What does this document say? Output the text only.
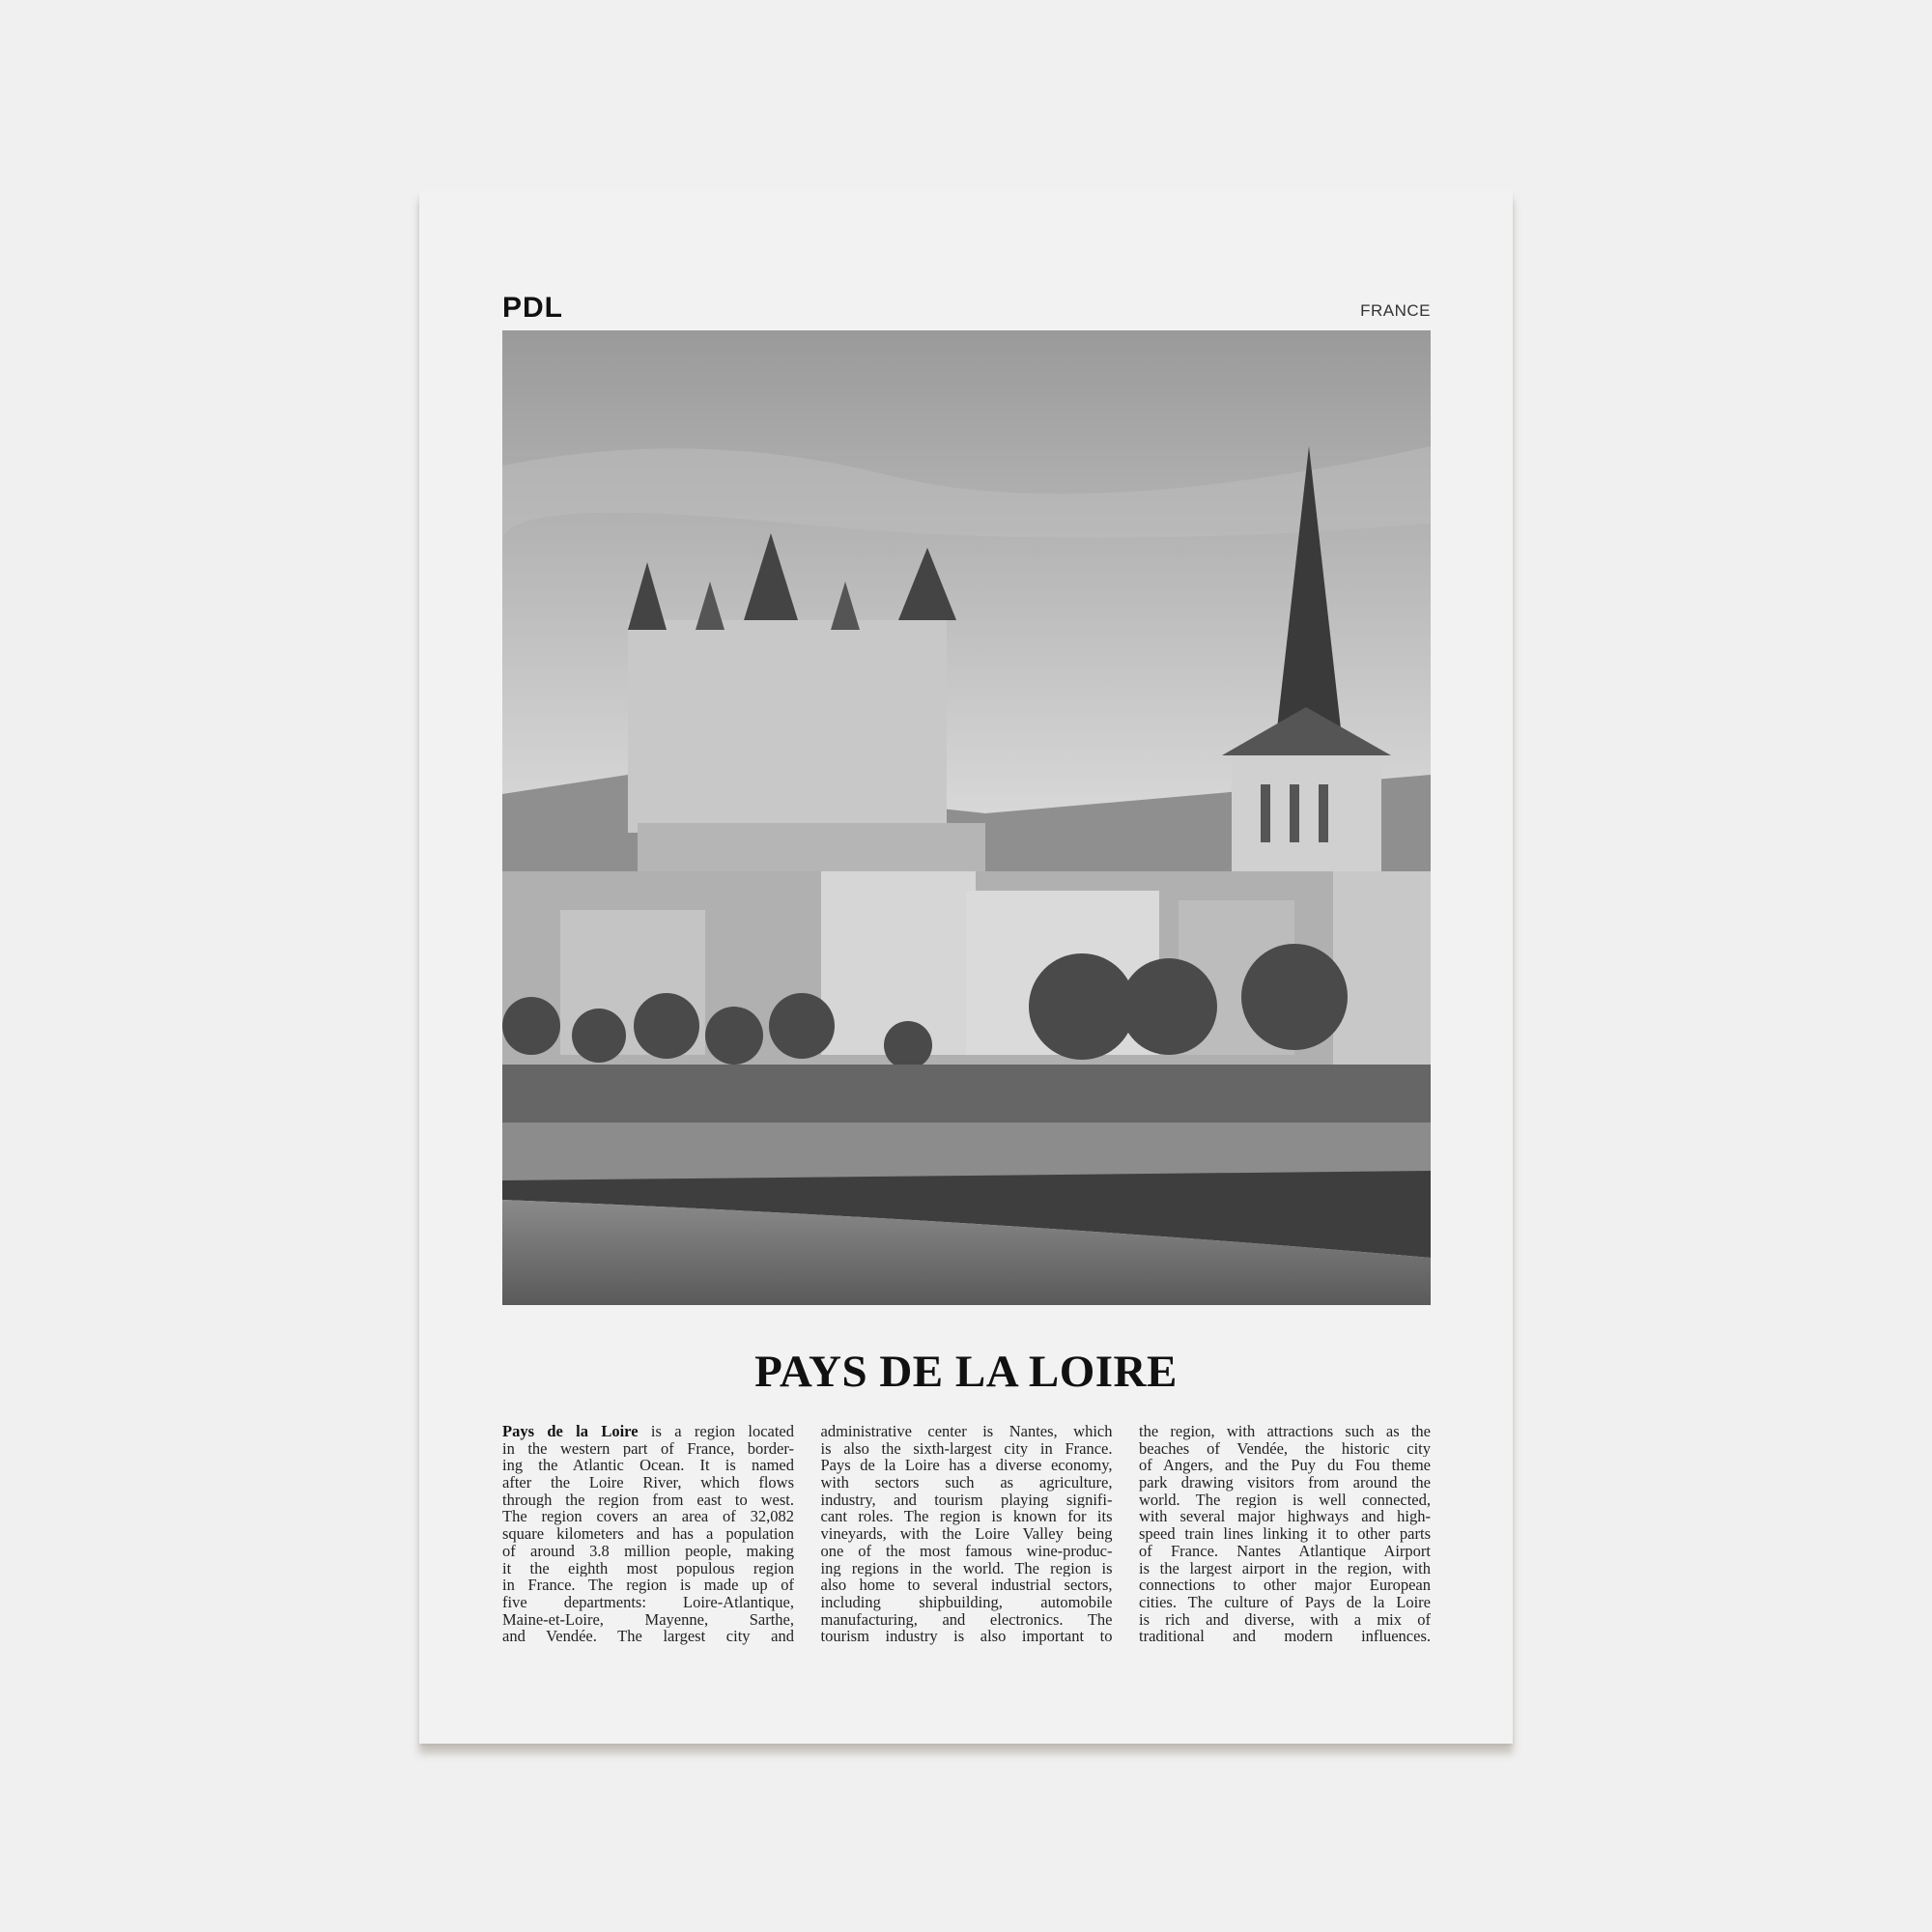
PDL	FRANCE
PAYS DE LA LOIRE
Pays de la Loire is a region located
in the western part of France, border-
ing the Atlantic Ocean. It is named
after the Loire River, which flows
through the region from east to west.
The region covers an area of 32,082
square kilometers and has a population
of around 3.8 million people, making
it the eighth most populous region
in France. The region is made up of
five departments: Loire-Atlantique,
Maine-et-Loire, Mayenne, Sarthe,
and Vendée. The largest city and
administrative center is Nantes, which
is also the sixth-largest city in France.
Pays de la Loire has a diverse economy,
with sectors such as agriculture,
industry, and tourism playing signifi-
cant roles. The region is known for its
vineyards, with the Loire Valley being
one of the most famous wine-produc-
ing regions in the world. The region is
also home to several industrial sectors,
including shipbuilding, automobile
manufacturing, and electronics. The
tourism industry is also important to
the region, with attractions such as the
beaches of Vendée, the historic city
of Angers, and the Puy du Fou theme
park drawing visitors from around the
world. The region is well connected,
with several major highways and high-
speed train lines linking it to other parts
of France. Nantes Atlantique Airport
is the largest airport in the region, with
connections to other major European
cities. The culture of Pays de la Loire
is rich and diverse, with a mix of
traditional and modern influences.
